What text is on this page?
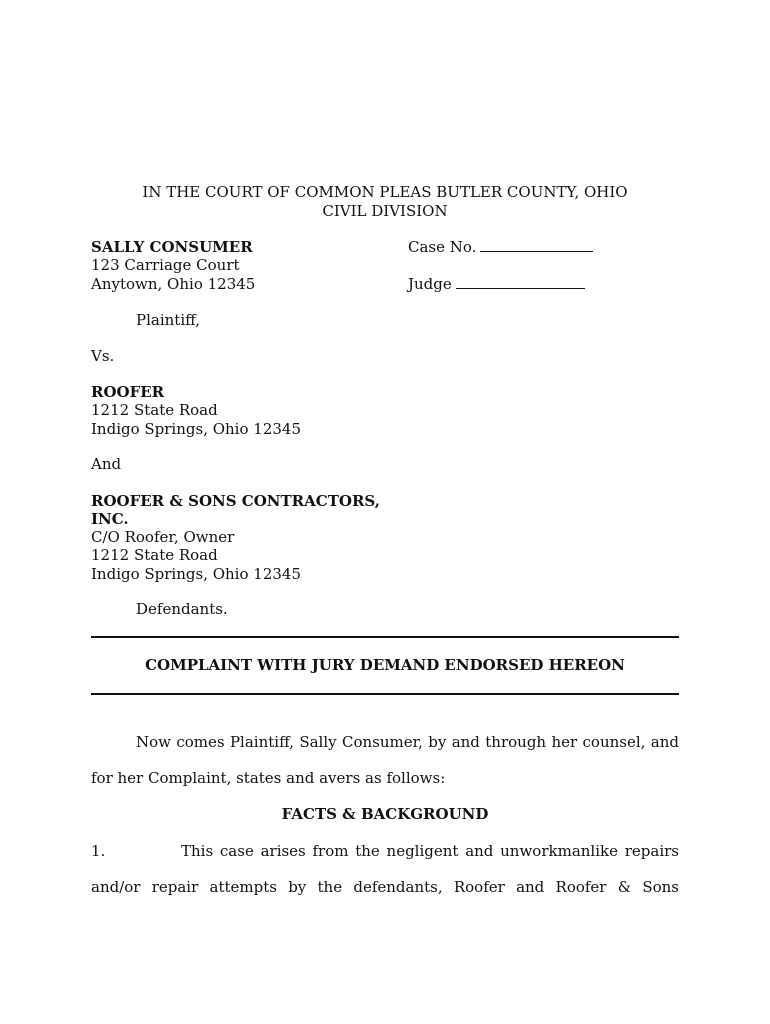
IN THE COURT OF COMMON PLEAS BUTLER COUNTY, OHIO
CIVIL DIVISION
SALLY CONSUMER
123 Carriage Court
Anytown, Ohio 12345
Case No.
Judge
Plaintiff,
Vs.
ROOFER
1212 State Road
Indigo Springs, Ohio 12345
And
ROOFER & SONS CONTRACTORS,
INC.
C/O Roofer, Owner
1212 State Road
Indigo Springs, Ohio 12345
Defendants.
COMPLAINT WITH JURY DEMAND ENDORSED HEREON
Now comes Plaintiff, Sally Consumer, by and through her counsel, and
for her Complaint, states and avers as follows:
FACTS & BACKGROUND
1.	This case arises from the negligent and unworkmanlike repairs
and/or repair attempts by the defendants, Roofer and Roofer & Sons
